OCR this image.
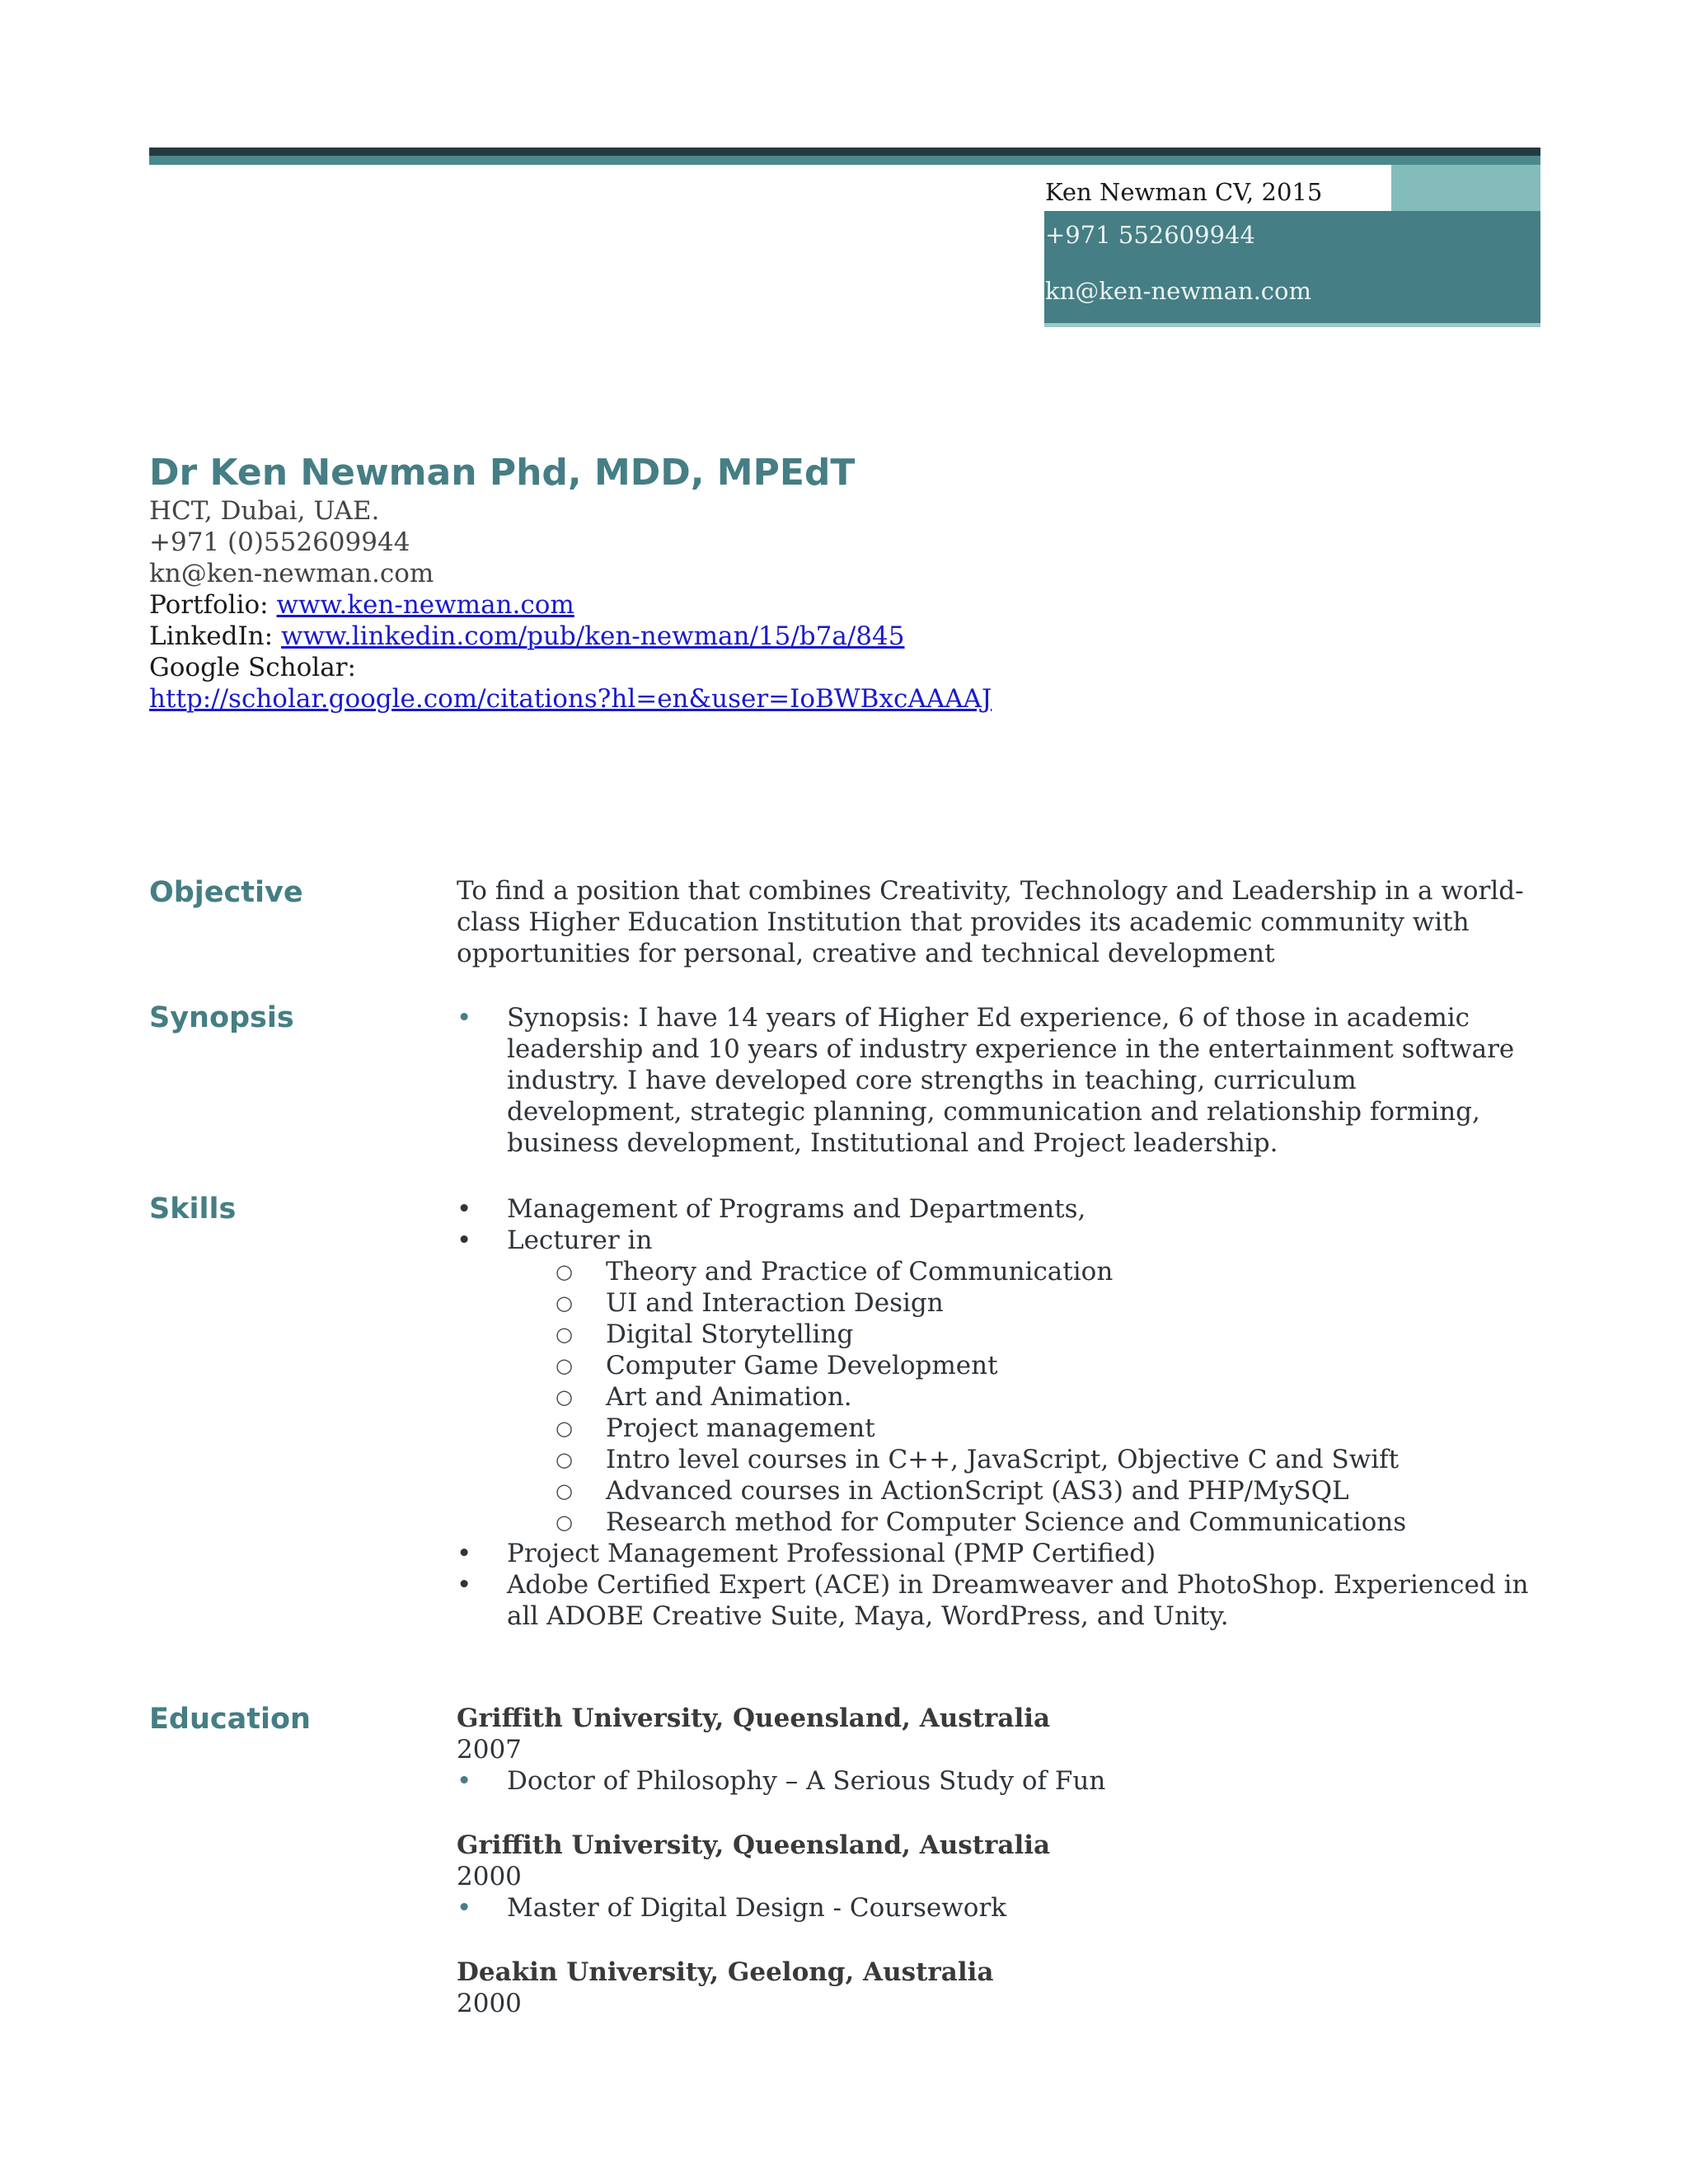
Ken Newman CV, 2015
+971 552609944
kn@ken-newman.com
Dr Ken Newman Phd, MDD, MPEdT
HCT, Dubai, UAE.
+971 (0)552609944
kn@ken-newman.com
Portfolio: www.ken-newman.com
LinkedIn: www.linkedin.com/pub/ken-newman/15/b7a/845
Google Scholar:
http://scholar.google.com/citations?hl=en&user=IoBWBxcAAAAJ
Objective	To find a position that combines Creativity, Technology and Leadership in a world-class Higher Education Institution that provides its academic community with opportunities for personal, creative and technical development

Synopsis	• Synopsis: I have 14 years of Higher Ed experience, 6 of those in academic leadership and 10 years of industry experience in the entertainment software industry. I have developed core strengths in teaching, curriculum development, strategic planning, communication and relationship forming, business development, Institutional and Project leadership.
Skills	• Management of Programs and Departments,
• Lecturer in
○ Theory and Practice of Communication
○ UI and Interaction Design
○ Digital Storytelling
○ Computer Game Development
○ Art and Animation.
○ Project management
○ Intro level courses in C++, JavaScript, Objective C and Swift
○ Advanced courses in ActionScript (AS3) and PHP/MySQL
○ Research method for Computer Science and Communications
• Project Management Professional (PMP Certified)
• Adobe Certified Expert (ACE) in Dreamweaver and PhotoShop. Experienced in all ADOBE Creative Suite, Maya, WordPress, and Unity.
Education	Griffith University, Queensland, Australia
2007
• Doctor of Philosophy – A Serious Study of Fun
Griffith University, Queensland, Australia
2000
• Master of Digital Design - Coursework
Deakin University, Geelong, Australia
2000
